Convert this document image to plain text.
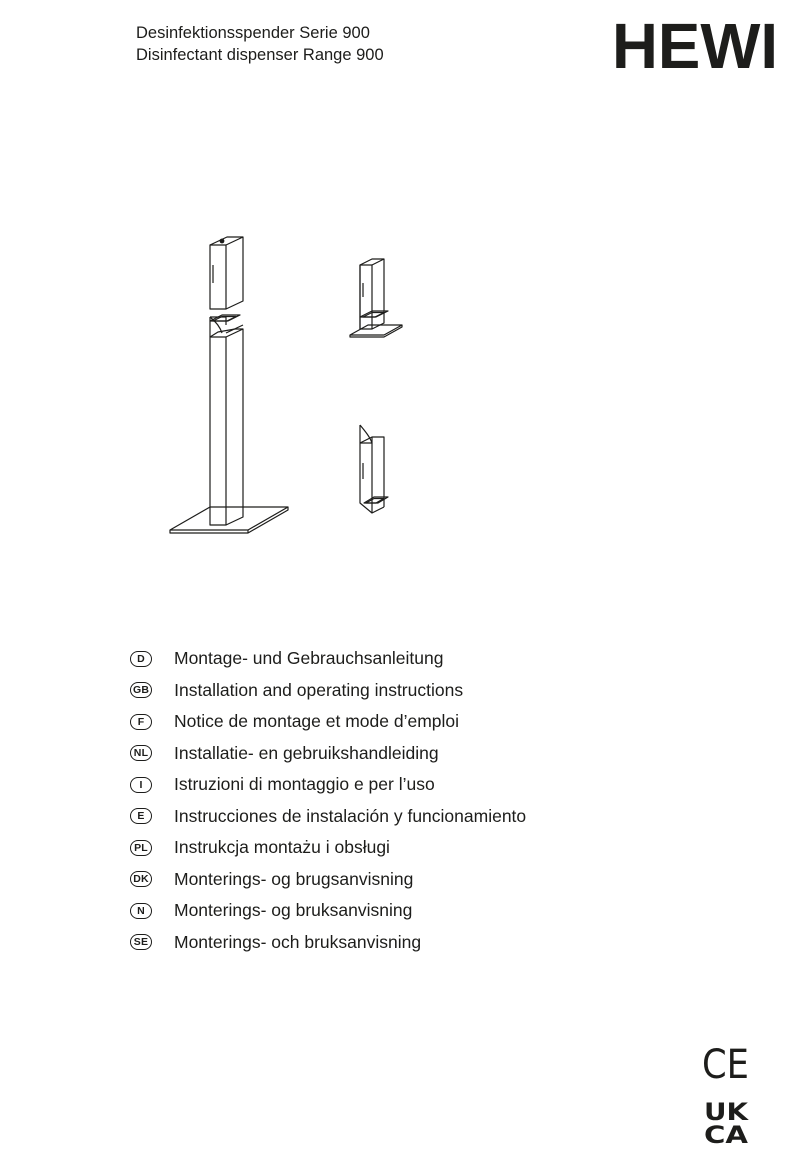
Desinfektionsspender Serie 900
Disinfectant dispenser Range 900	HEWI
D	Montage- und Gebrauchsanleitung
GB Installation and operating instructions
F	Notice de montage et mode d’emploi
NL Installatie- en gebruikshandleiding
I	Istruzioni di montaggio e per l’uso
E	Instrucciones de instalación y funcionamiento
PL Instrukcja montażu i obsługi
DK Monterings- og brugsanvisning
N	Monterings- og bruksanvisning
SE Monterings- och bruksanvisning
CE
UK
CA
